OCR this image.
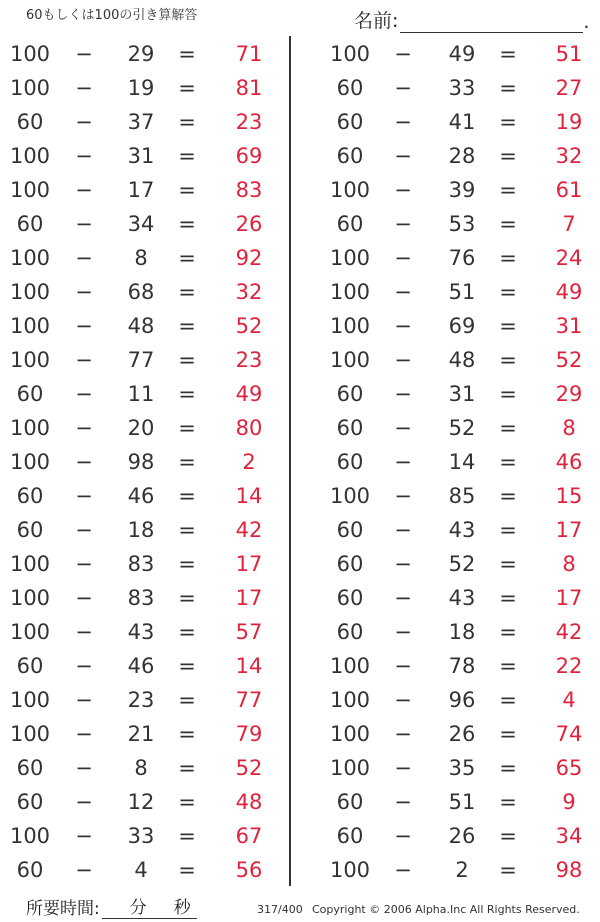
60もしくは100の引き算解答	名前:	.
100	−	29	=	71
100	−	19	=	81
60	−	37	=	23
100	−	31	=	69
100	−	17	=	83
60	−	34	=	26
100	−	8	=	92
100	−	68	=	32
100	−	48	=	52
100	−	77	=	23
60	−	11	=	49
100	−	20	=	80
100	−	98	=	2
60	−	46	=	14
60	−	18	=	42
100	−	83	=	17
100	−	83	=	17
100	−	43	=	57
60	−	46	=	14
100	−	23	=	77
100	−	21	=	79
60	−	8	=	52
60	−	12	=	48
100	−	33	=	67
60	−	4	=	56
100	−	49	=	51
60	−	33	=	27
60	−	41	=	19
60	−	28	=	32
100	−	39	=	61
60	−	53	=	7
100	−	76	=	24
100	−	51	=	49
100	−	69	=	31
100	−	48	=	52
60	−	31	=	29
60	−	52	=	8
60	−	14	=	46
100	−	85	=	15
60	−	43	=	17
60	−	52	=	8
60	−	43	=	17
60	−	18	=	42
100	−	78	=	22
100	−	96	=	4
100	−	26	=	74
100	−	35	=	65
60	−	51	=	9
60	−	26	=	34
100	−	2	=	98
所要時間: 分 秒	317/400 Copyright © 2006 Alpha.Inc All Rights Reserved.
